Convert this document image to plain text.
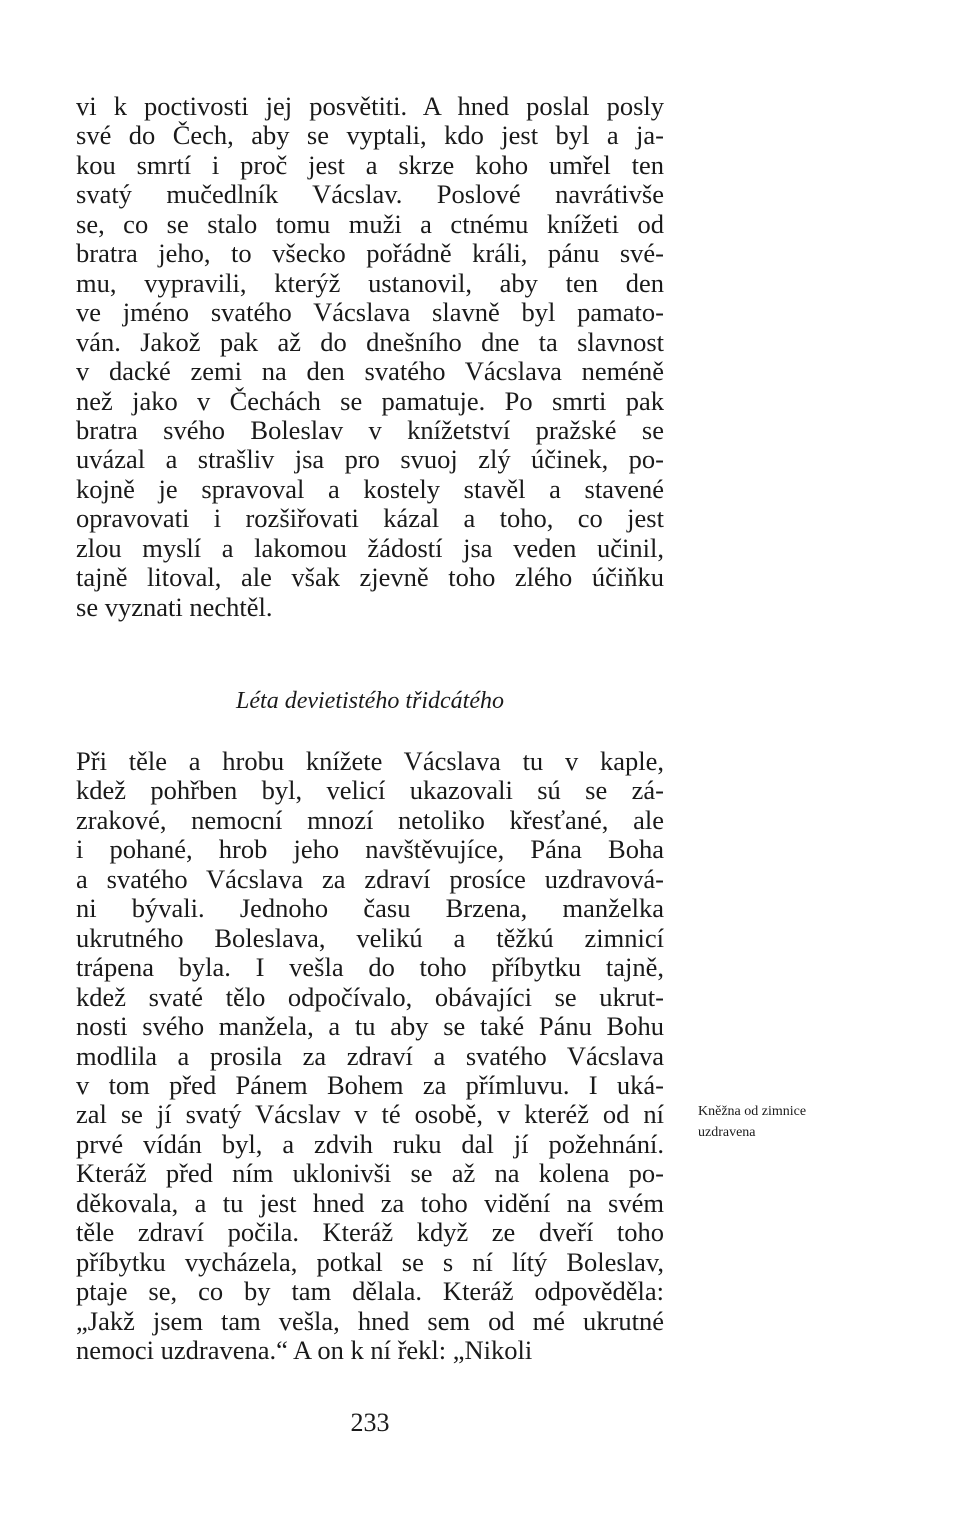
vi k poctivosti jej posvětiti. A hned poslal posly
své do Čech, aby se vyptali, kdo jest byl a ja-
kou smrtí i proč jest a skrze koho umřel ten
svatý mučedlník Vácslav. Poslové navrátivše
se, co se stalo tomu muži a ctnému knížeti od
bratra jeho, to všecko pořádně králi, pánu své-
mu, vypravili, kterýž ustanovil, aby ten den
ve jméno svatého Vácslava slavně byl pamato-
ván. Jakož pak až do dnešního dne ta slavnost
v dacké zemi na den svatého Vácslava neméně
než jako v Čechách se pamatuje. Po smrti pak
bratra svého Boleslav v knížetství pražské se
uvázal a strašliv jsa pro svuoj zlý účinek, po-
kojně je spravoval a kostely stavěl a stavené
opravovati i rozšiřovati kázal a toho, co jest
zlou myslí a lakomou žádostí jsa veden učinil,
tajně litoval, ale však zjevně toho zlého účiňku
se vyznati nechtěl.
Léta devietistého třidcátého
Při těle a hrobu knížete Vácslava tu v kaple,
kdež pohřben byl, velicí ukazovali sú se zá-
zrakové, nemocní mnozí netoliko křesťané, ale
i pohané, hrob jeho navštěvujíce, Pána Boha
a svatého Vácslava za zdraví prosíce uzdravová-
ni bývali. Jednoho času Brzena, manželka
ukrutného Boleslava, velikú a těžkú zimnicí
trápena byla. I vešla do toho příbytku tajně,
kdež svaté tělo odpočívalo, obávajíci se ukrut-
nosti svého manžela, a tu aby se také Pánu Bohu
modlila a prosila za zdraví a svatého Vácslava
v tom před Pánem Bohem za přímluvu. I uká-
zal se jí svatý Vácslav v té osobě, v kteréž od ní
prvé vídán byl, a zdvih ruku dal jí požehnání.
Kteráž před ním uklonivši se až na kolena po-
děkovala, a tu jest hned za toho vidění na svém
těle zdraví počila. Kteráž když ze dveří toho
příbytku vycházela, potkal se s ní lítý Boleslav,
ptaje se, co by tam dělala. Kteráž odpověděla:
„Jakž jsem tam vešla, hned sem od mé ukrutné
nemoci uzdravena.“ A on k ní řekl: „Nikoli
Kněžna od zimnice
uzdravena
233
